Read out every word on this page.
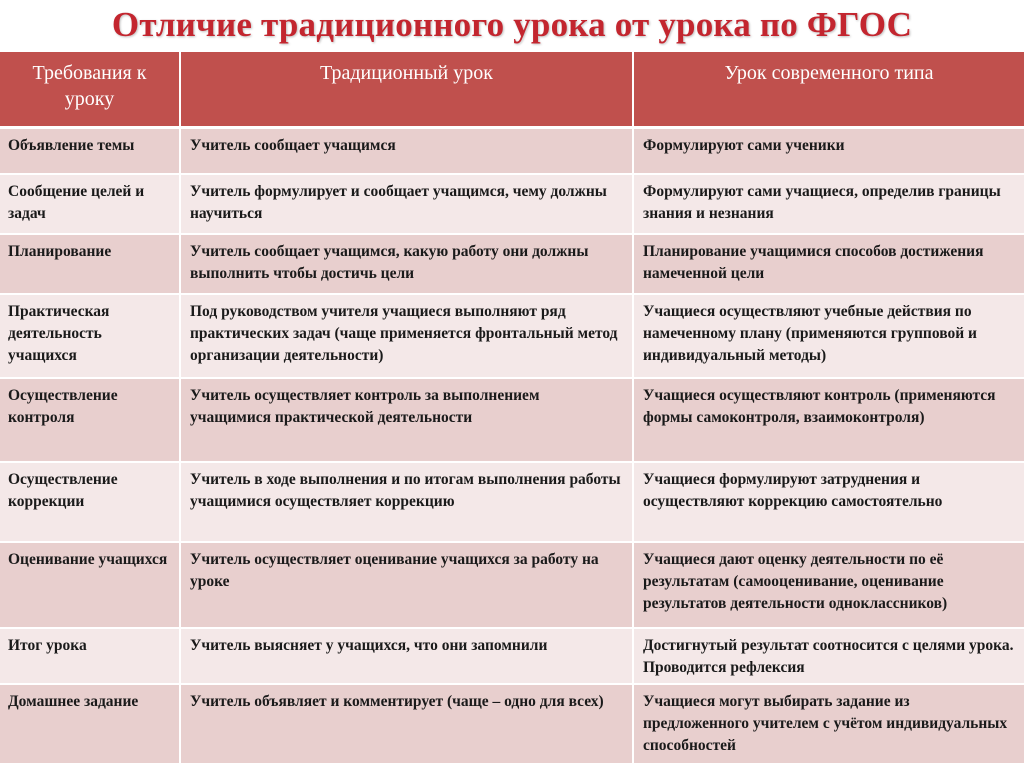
Отличие традиционного урока от урока по ФГОС
Требования к уроку	Традиционный урок	Урок современного типа
Объявление темы	Учитель сообщает учащимся	Формулируют сами ученики
Сообщение целей и задач	Учитель формулирует и сообщает учащимся, чему должны научиться	Формулируют сами учащиеся, определив границы знания и незнания
Планирование	Учитель сообщает учащимся, какую работу они должны выполнить чтобы достичь цели	Планирование учащимися способов достижения намеченной цели
Практическая деятельность учащихся	Под руководством учителя учащиеся выполняют ряд практических задач (чаще применяется фронтальный метод организации деятельности)	Учащиеся осуществляют учебные действия по намеченному плану (применяются групповой и индивидуальный методы)
Осуществление контроля	Учитель осуществляет контроль за выполнением учащимися практической деятельности	Учащиеся осуществляют контроль (применяются формы самоконтроля, взаимоконтроля)
Осуществление коррекции	Учитель в ходе выполнения и по итогам выполнения работы учащимися осуществляет коррекцию	Учащиеся формулируют затруднения и осуществляют коррекцию самостоятельно
Оценивание учащихся	Учитель осуществляет оценивание учащихся за работу на уроке	Учащиеся дают оценку деятельности по её результатам (самооценивание, оценивание результатов деятельности одноклассников)
Итог урока	Учитель выясняет у учащихся, что они запомнили	Достигнутый результат соотносится с целями урока. Проводится рефлексия
Домашнее задание	Учитель объявляет и комментирует (чаще – одно для всех)	Учащиеся могут выбирать задание из предложенного учителем с учётом индивидуальных способностей
